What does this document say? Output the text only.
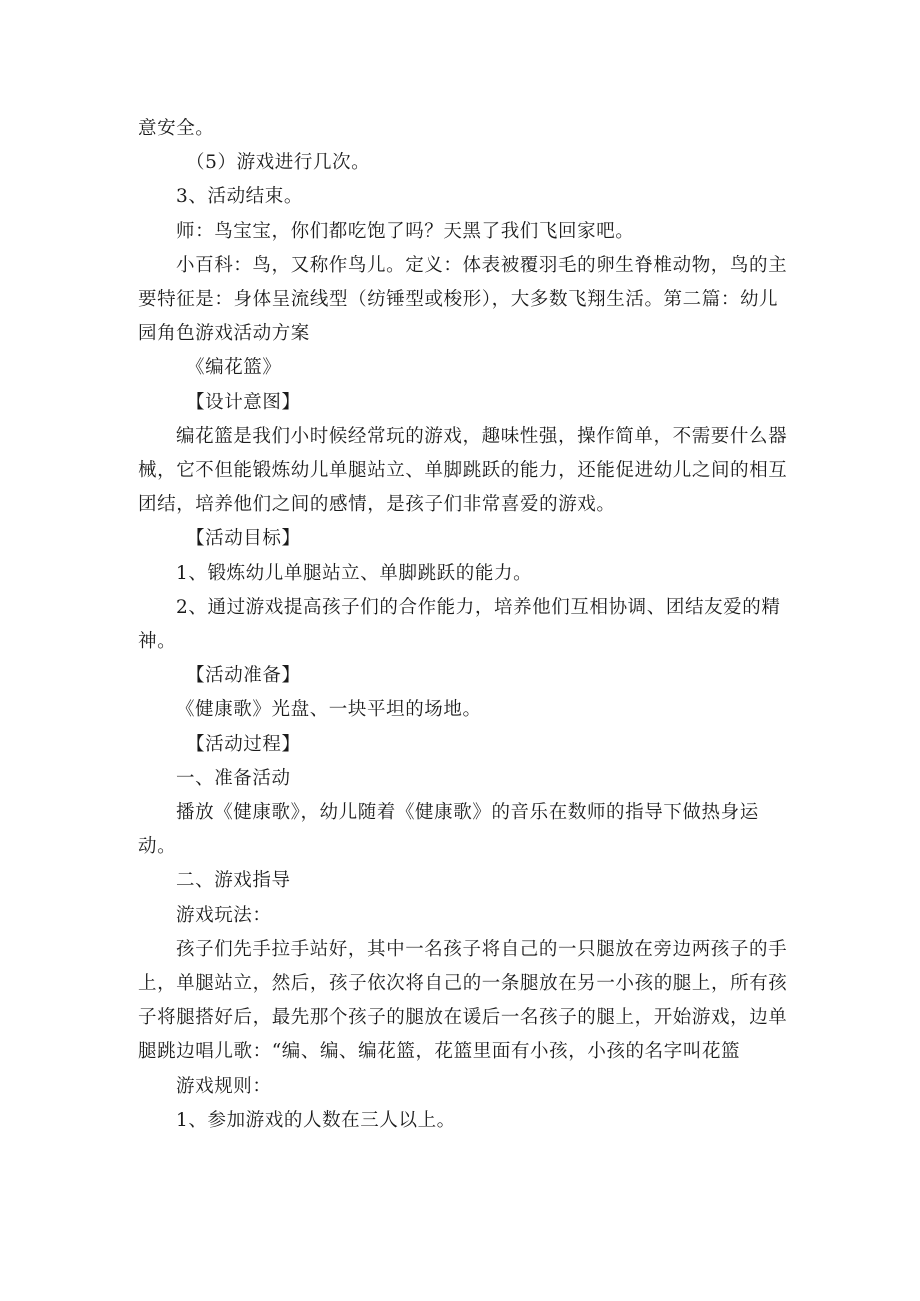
意安全。

（5）游戏进行几次。

3、活动结束。

师：鸟宝宝，你们都吃饱了吗？天黑了我们飞回家吧。

小百科：鸟，又称作鸟儿。定义：体表被覆羽毛的卵生脊椎动物，鸟的主要特征是：身体呈流线型（纺锤型或梭形），大多数飞翔生活。第二篇：幼儿园角色游戏活动方案

《编花篮》

【设计意图】

编花篮是我们小时候经常玩的游戏，趣味性强，操作简单，不需要什么器械，它不但能锻炼幼儿单腿站立、单脚跳跃的能力，还能促进幼儿之间的相互团结，培养他们之间的感情，是孩子们非常喜爱的游戏。

【活动目标】

1、锻炼幼儿单腿站立、单脚跳跃的能力。

2、通过游戏提高孩子们的合作能力，培养他们互相协调、团结友爱的精神。

【活动准备】

《健康歌》光盘、一块平坦的场地。

【活动过程】

一、准备活动

播放《健康歌》，幼儿随着《健康歌》的音乐在数师的指导下做热身运动。

二、游戏指导

游戏玩法：

孩子们先手拉手站好，其中一名孩子将自己的一只腿放在旁边两孩子的手上，单腿站立，然后，孩子依次将自己的一条腿放在另一小孩的腿上，所有孩子将腿搭好后，最先那个孩子的腿放在谖后一名孩子的腿上，开始游戏，边单腿跳边唱儿歌：“编、编、编花篮，花篮里面有小孩，小孩的名字叫花篮

游戏规则：

1、参加游戏的人数在三人以上。
